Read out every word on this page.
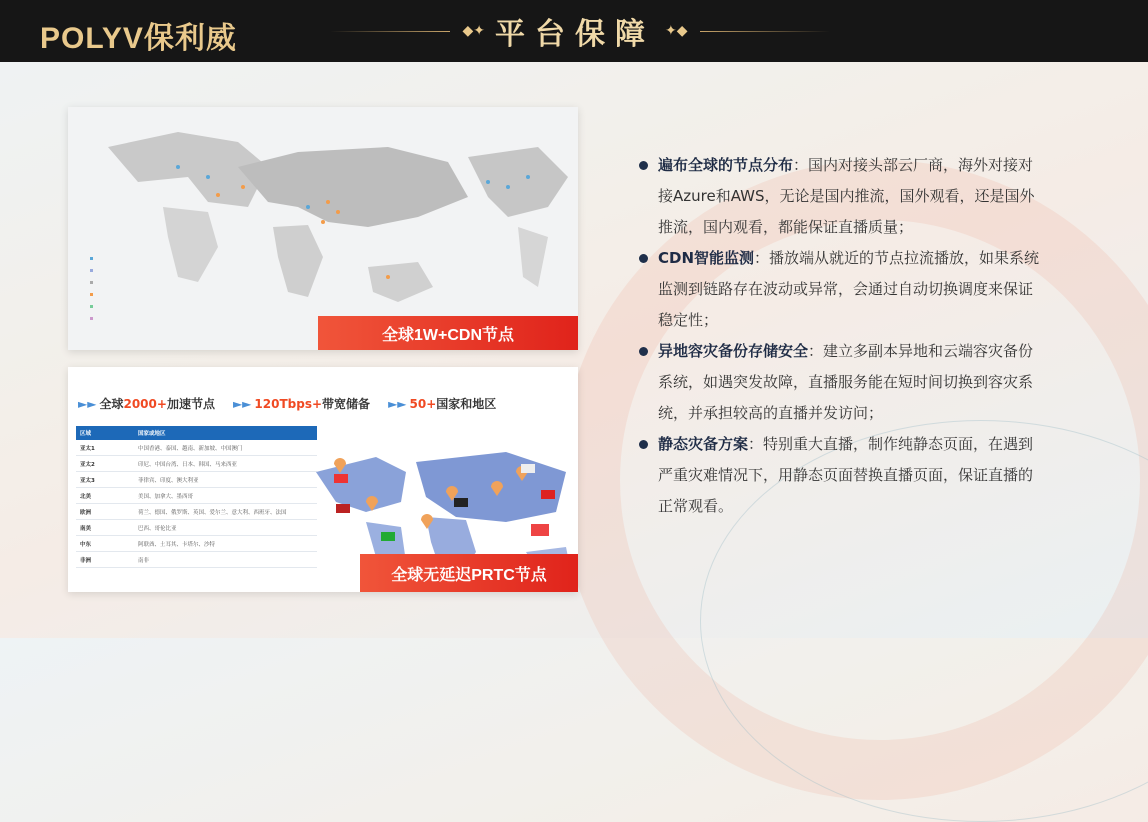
POLYV保利威	◆✦ 平台保障 ✦◆
全球1W+CDN节点
►► 全球2000+加速节点 ►► 120Tbps+带宽储备 ►► 50+国家和地区
区域	国家或地区
亚太1	中国香港、泰国、越南、新加坡、中国澳门
亚太2	印尼、中国台湾、日本、韩国、马来西亚
亚太3	菲律宾、印度、澳大利亚
北美	美国、加拿大、墨西哥
欧洲	荷兰、德国、俄罗斯、英国、爱尔兰、意大利、西班牙、法国
南美	巴西、哥伦比亚
中东	阿联酋、土耳其、卡塔尔、沙特
非洲	南非
全球无延迟PRTC节点
遍布全球的节点分布：国内对接头部云厂商，海外对接对接Azure和AWS，无论是国内推流，国外观看，还是国外推流，国内观看，都能保证直播质量；
CDN智能监测：播放端从就近的节点拉流播放，如果系统监测到链路存在波动或异常，会通过自动切换调度来保证稳定性；
异地容灾备份存储安全：建立多副本异地和云端容灾备份系统，如遇突发故障，直播服务能在短时间切换到容灾系统，并承担较高的直播并发访问；
静态灾备方案：特别重大直播，制作纯静态页面，在遇到严重灾难情况下，用静态页面替换直播页面，保证直播的正常观看。
